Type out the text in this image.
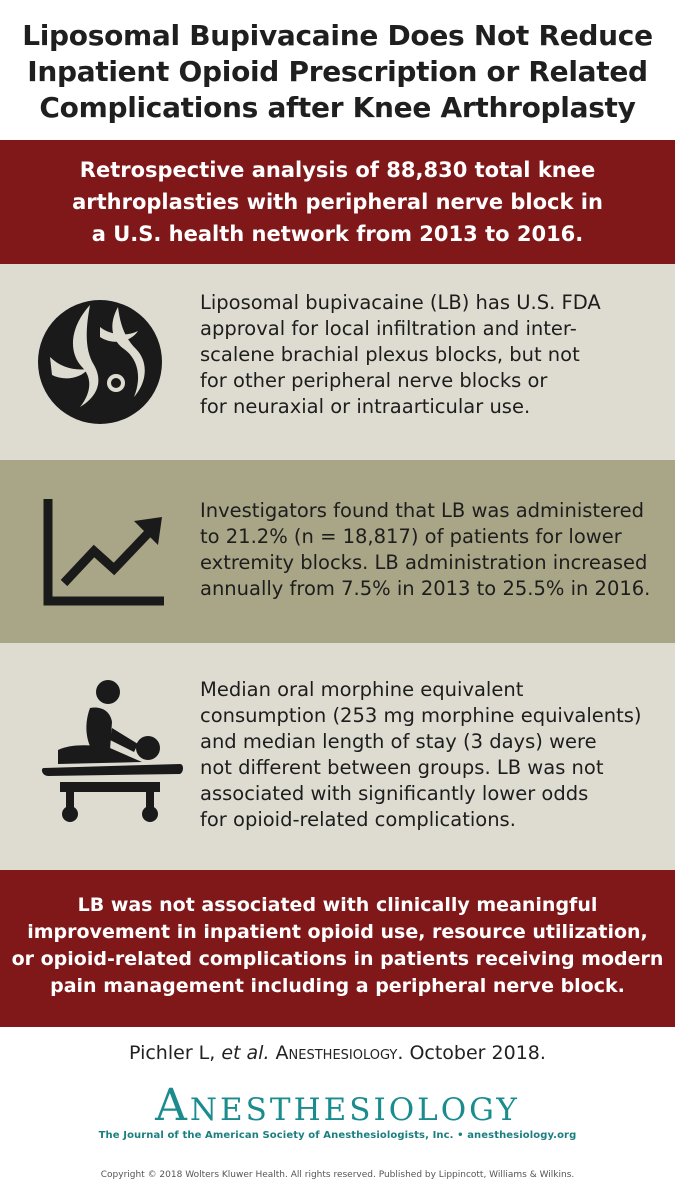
Liposomal Bupivacaine Does Not Reduce
Inpatient Opioid Prescription or Related
Complications after Knee Arthroplasty
Retrospective analysis of 88,830 total knee
arthroplasties with peripheral nerve block in
a U.S. health network from 2013 to 2016.
Liposomal bupivacaine (LB) has U.S. FDA
approval for local infiltration and inter-
scalene brachial plexus blocks, but not
for other peripheral nerve blocks or
for neuraxial or intraarticular use.
Investigators found that LB was administered
to 21.2% (n = 18,817) of patients for lower
extremity blocks. LB administration increased
annually from 7.5% in 2013 to 25.5% in 2016.
Median oral morphine equivalent
consumption (253 mg morphine equivalents)
and median length of stay (3 days) were
not different between groups. LB was not
associated with significantly lower odds
for opioid-related complications.
LB was not associated with clinically meaningful
improvement in inpatient opioid use, resource utilization,
or opioid-related complications in patients receiving modern
pain management including a peripheral nerve block.
Pichler L, et al. Anesthesiology. October 2018.
Anesthesiology
The Journal of the American Society of Anesthesiologists, Inc. • anesthesiology.org
Copyright © 2018 Wolters Kluwer Health. All rights reserved. Published by Lippincott, Williams & Wilkins.
